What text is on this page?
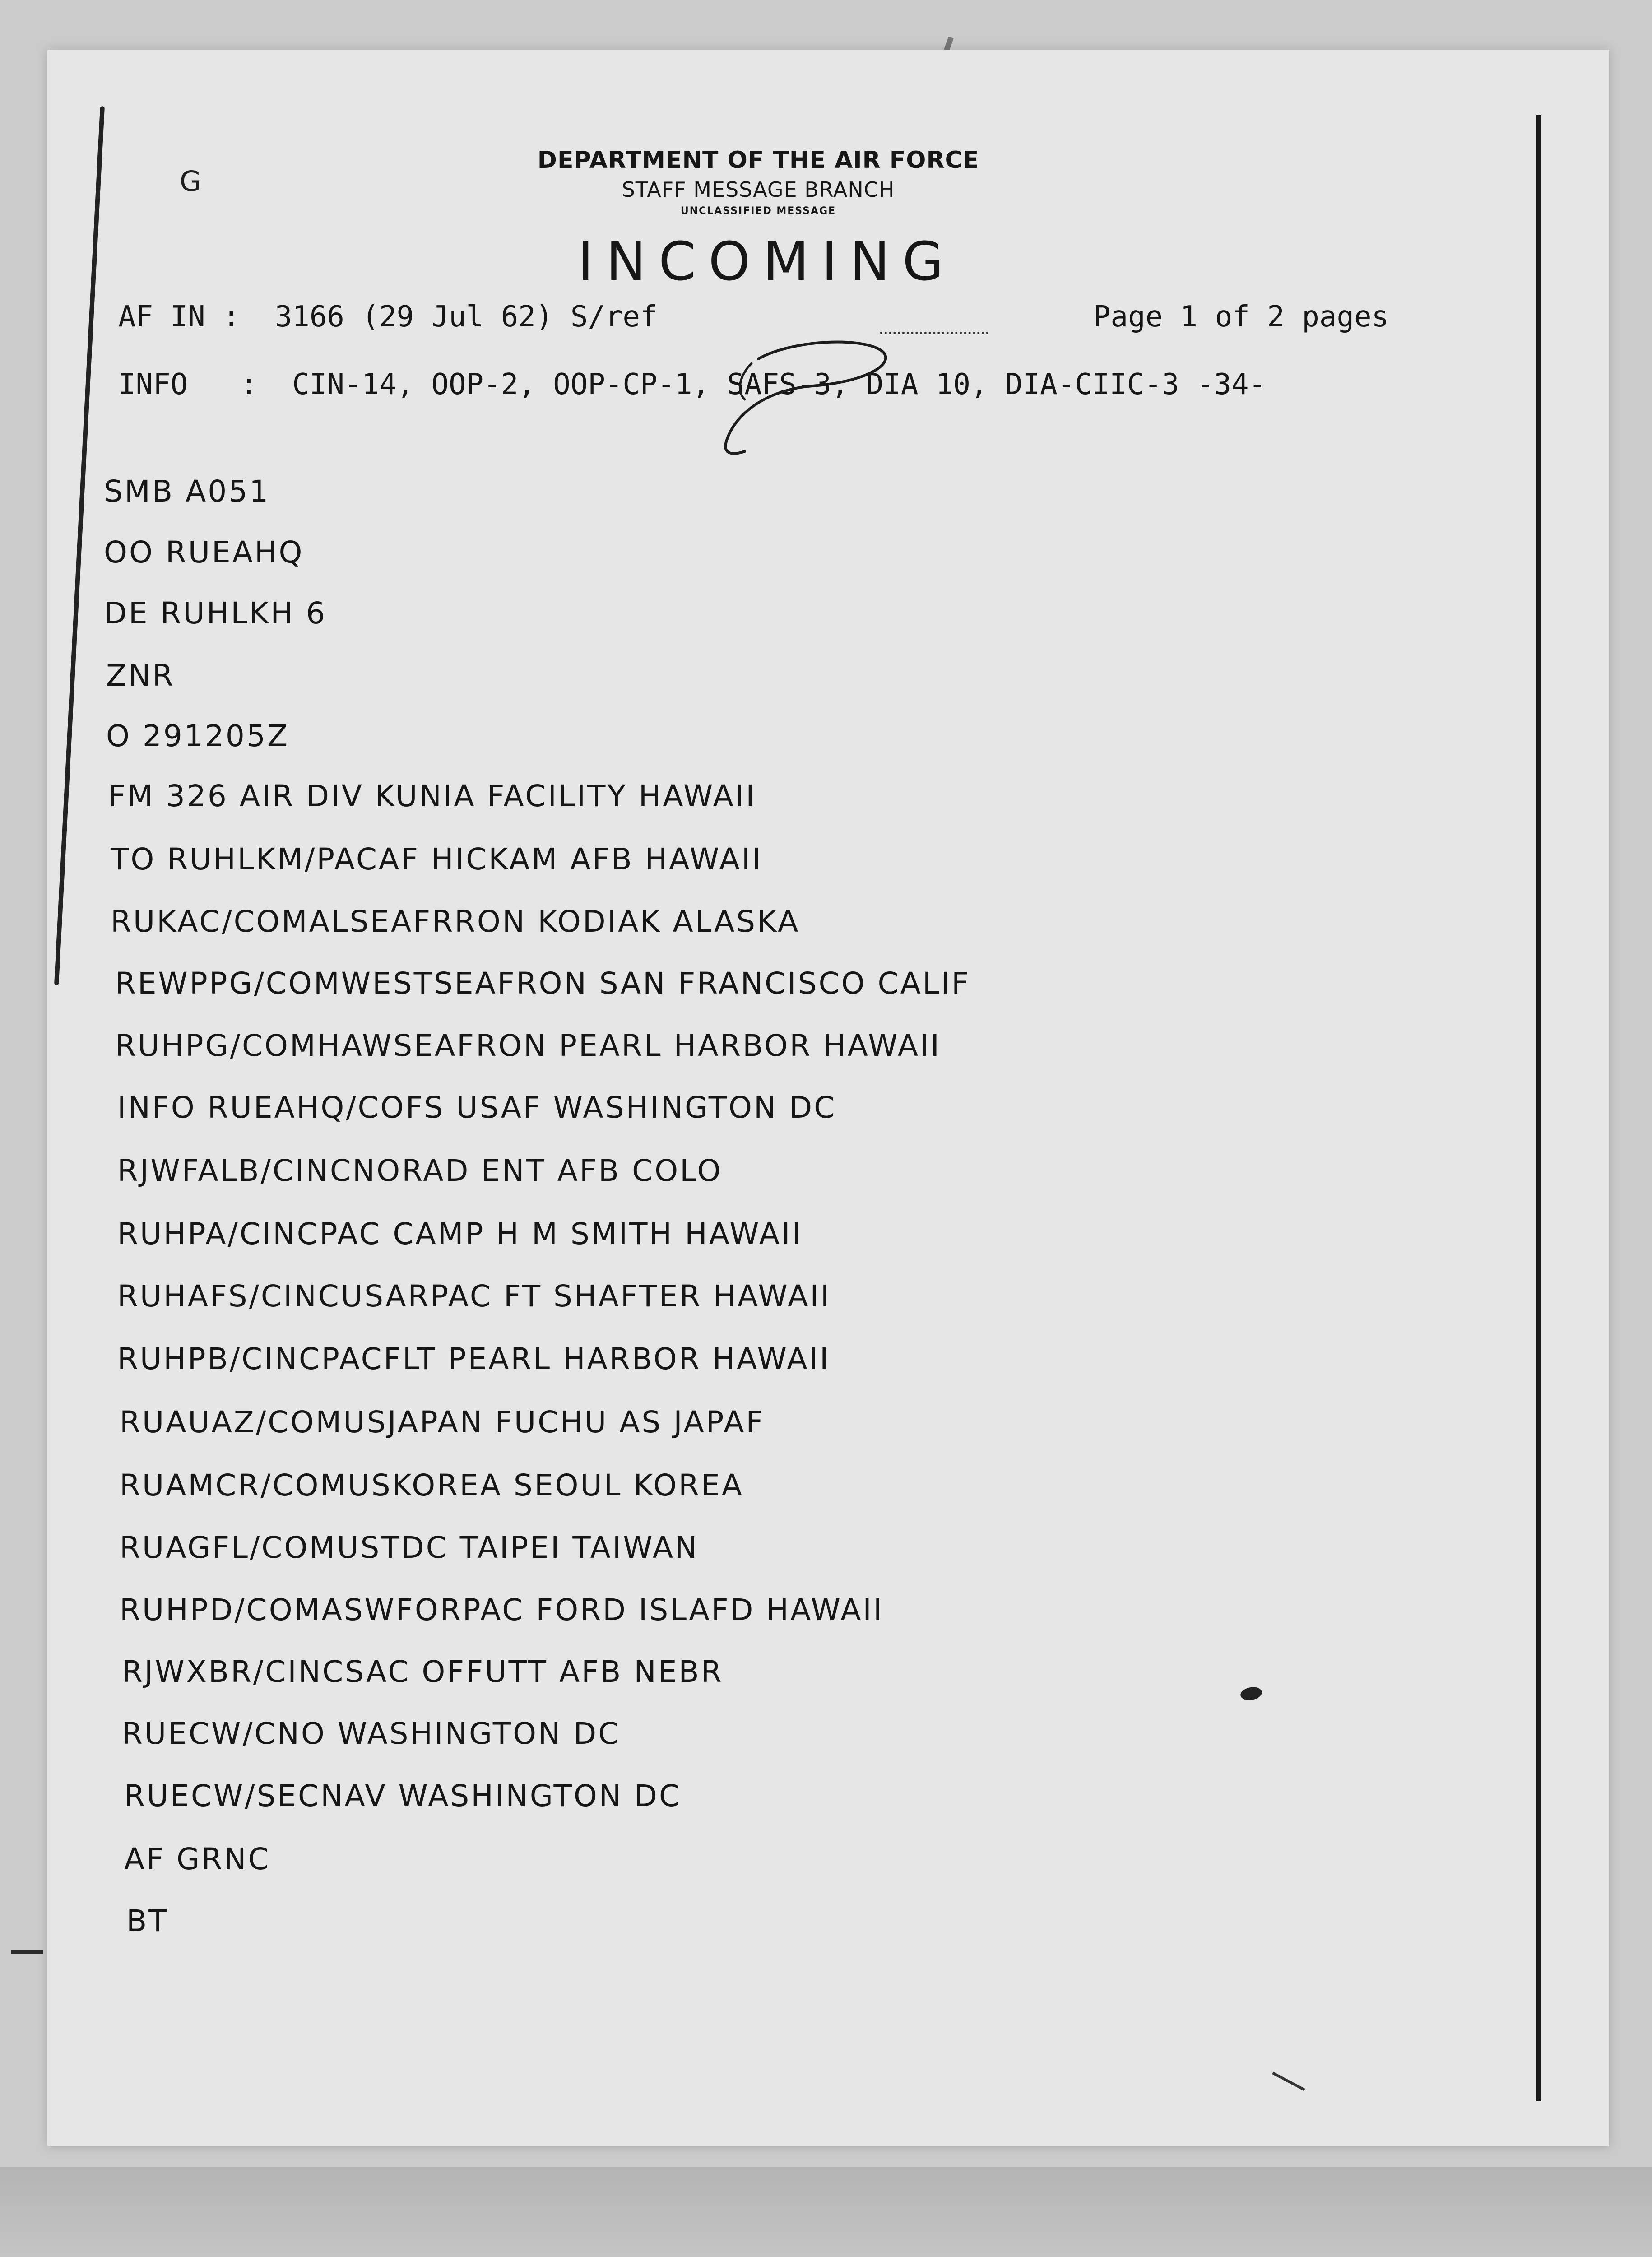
G
DEPARTMENT OF THE AIR FORCE
STAFF MESSAGE BRANCH
UNCLASSIFIED MESSAGE
INCOMING
AF IN :  3166 (29 Jul 62) S/ref	Page 1 of 2 pages
INFO   :  CIN-14, OOP-2, OOP-CP-1, SAFS-3, DIA 10, DIA-CIIC-3 -34-
SMB A051
OO RUEAHQ
DE RUHLKH 6
ZNR
O 291205Z
FM 326 AIR DIV KUNIA FACILITY HAWAII
TO RUHLKM/PACAF HICKAM AFB HAWAII
RUKAC/COMALSEAFRRON KODIAK ALASKA
REWPPG/COMWESTSEAFRON SAN FRANCISCO CALIF
RUHPG/COMHAWSEAFRON PEARL HARBOR HAWAII
INFO RUEAHQ/COFS USAF WASHINGTON DC
RJWFALB/CINCNORAD ENT AFB COLO
RUHPA/CINCPAC CAMP H M SMITH HAWAII
RUHAFS/CINCUSARPAC FT SHAFTER HAWAII
RUHPB/CINCPACFLT PEARL HARBOR HAWAII
RUAUAZ/COMUSJAPAN FUCHU AS JAPAF
RUAMCR/COMUSKOREA SEOUL KOREA
RUAGFL/COMUSTDC TAIPEI TAIWAN
RUHPD/COMASWFORPAC FORD ISLAFD HAWAII
RJWXBR/CINCSAC OFFUTT AFB NEBR
RUECW/CNO WASHINGTON DC
RUECW/SECNAV WASHINGTON DC
AF GRNC
BT
